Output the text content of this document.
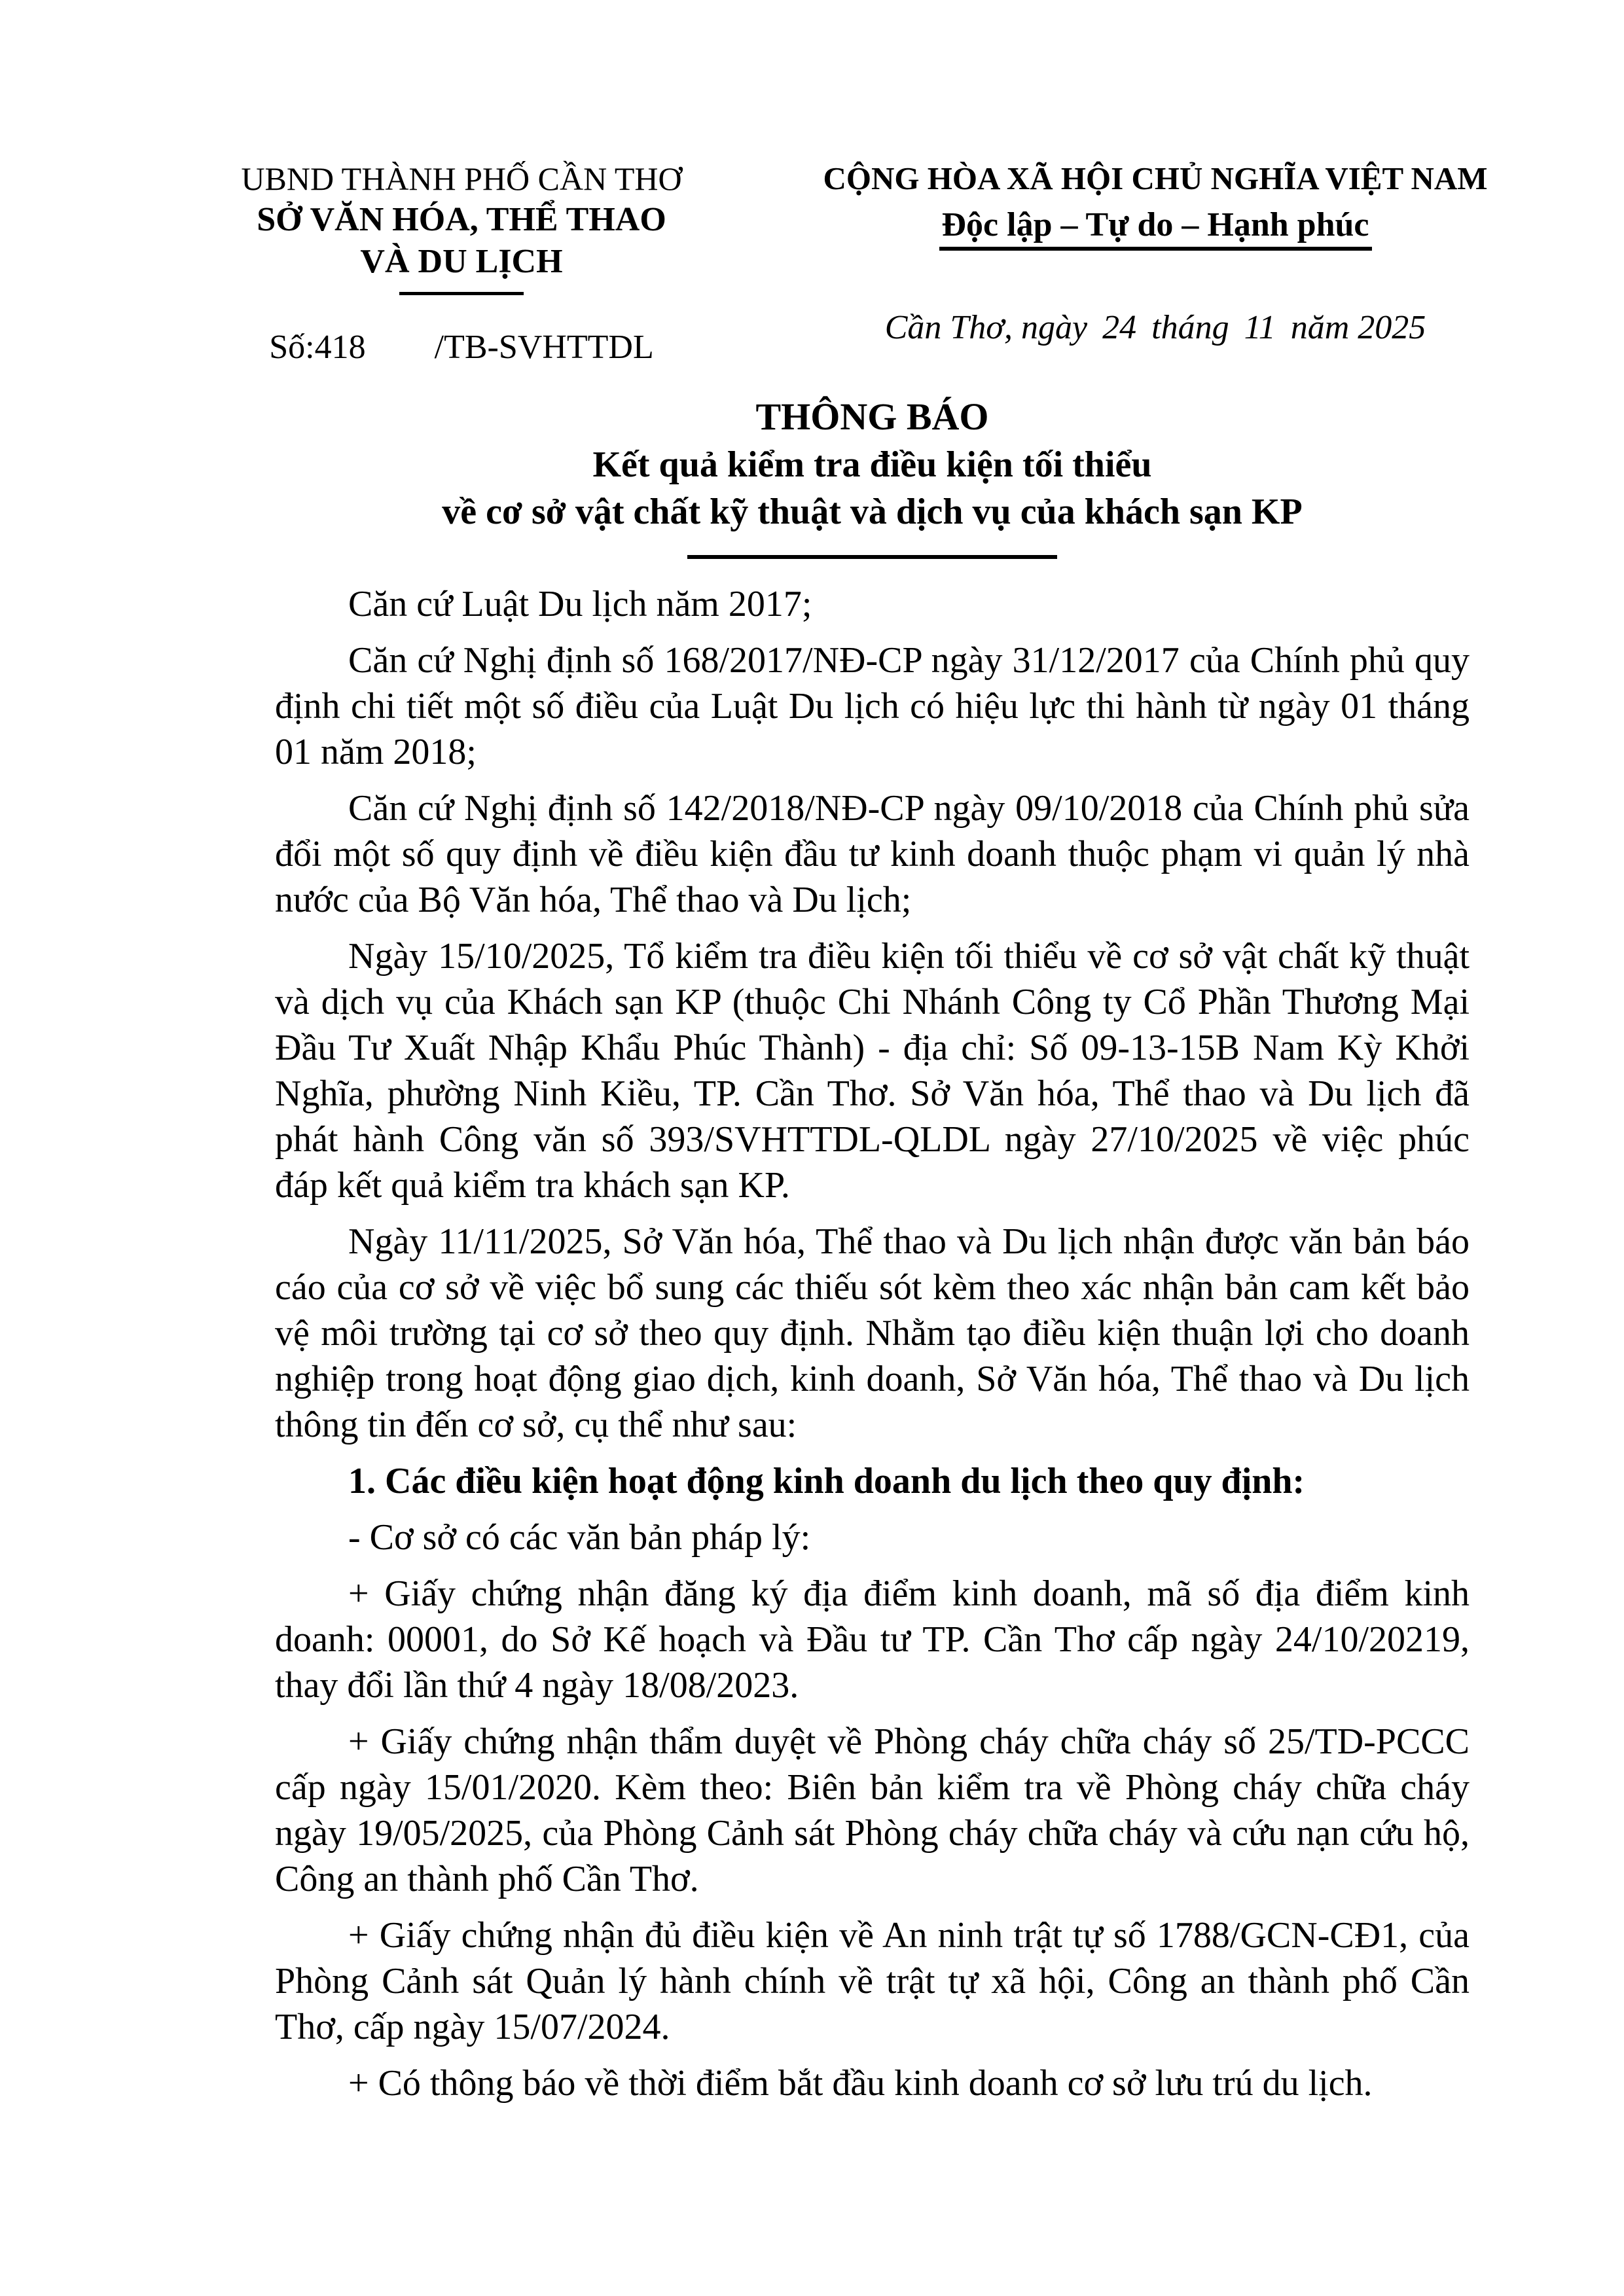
UBND THÀNH PHỐ CẦN THƠ
SỞ VĂN HÓA, THỂ THAO
VÀ DU LỊCH
Số:418 /TB-SVHTTDL
CỘNG HÒA XÃ HỘI CHỦ NGHĨA VIỆT NAM
Độc lập – Tự do – Hạnh phúc
Cần Thơ, ngày 24 tháng 11 năm 2025
THÔNG BÁO
Kết quả kiểm tra điều kiện tối thiểu
về cơ sở vật chất kỹ thuật và dịch vụ của khách sạn KP

Căn cứ Luật Du lịch năm 2017;

Căn cứ Nghị định số 168/2017/NĐ-CP ngày 31/12/2017 của Chính phủ quy định chi tiết một số điều của Luật Du lịch có hiệu lực thi hành từ ngày 01 tháng 01 năm 2018;

Căn cứ Nghị định số 142/2018/NĐ-CP ngày 09/10/2018 của Chính phủ sửa đổi một số quy định về điều kiện đầu tư kinh doanh thuộc phạm vi quản lý nhà nước của Bộ Văn hóa, Thể thao và Du lịch;

Ngày 15/10/2025, Tổ kiểm tra điều kiện tối thiểu về cơ sở vật chất kỹ thuật và dịch vụ của Khách sạn KP (thuộc Chi Nhánh Công ty Cổ Phần Thương Mại Đầu Tư Xuất Nhập Khẩu Phúc Thành) - địa chỉ: Số 09-13-15B Nam Kỳ Khởi Nghĩa, phường Ninh Kiều, TP. Cần Thơ. Sở Văn hóa, Thể thao và Du lịch đã phát hành Công văn số 393/SVHTTDL-QLDL ngày 27/10/2025 về việc phúc đáp kết quả kiểm tra khách sạn KP.

Ngày 11/11/2025, Sở Văn hóa, Thể thao và Du lịch nhận được văn bản báo cáo của cơ sở về việc bổ sung các thiếu sót kèm theo xác nhận bản cam kết bảo vệ môi trường tại cơ sở theo quy định. Nhằm tạo điều kiện thuận lợi cho doanh nghiệp trong hoạt động giao dịch, kinh doanh, Sở Văn hóa, Thể thao và Du lịch thông tin đến cơ sở, cụ thể như sau:

1. Các điều kiện hoạt động kinh doanh du lịch theo quy định:

- Cơ sở có các văn bản pháp lý:

+ Giấy chứng nhận đăng ký địa điểm kinh doanh, mã số địa điểm kinh doanh: 00001, do Sở Kế hoạch và Đầu tư TP. Cần Thơ cấp ngày 24/10/20219, thay đổi lần thứ 4 ngày 18/08/2023.

+ Giấy chứng nhận thẩm duyệt về Phòng cháy chữa cháy số 25/TD-PCCC cấp ngày 15/01/2020. Kèm theo: Biên bản kiểm tra về Phòng cháy chữa cháy ngày 19/05/2025, của Phòng Cảnh sát Phòng cháy chữa cháy và cứu nạn cứu hộ, Công an thành phố Cần Thơ.

+ Giấy chứng nhận đủ điều kiện về An ninh trật tự số 1788/GCN-CĐ1, của Phòng Cảnh sát Quản lý hành chính về trật tự xã hội, Công an thành phố Cần Thơ, cấp ngày 15/07/2024.

+ Có thông báo về thời điểm bắt đầu kinh doanh cơ sở lưu trú du lịch.
